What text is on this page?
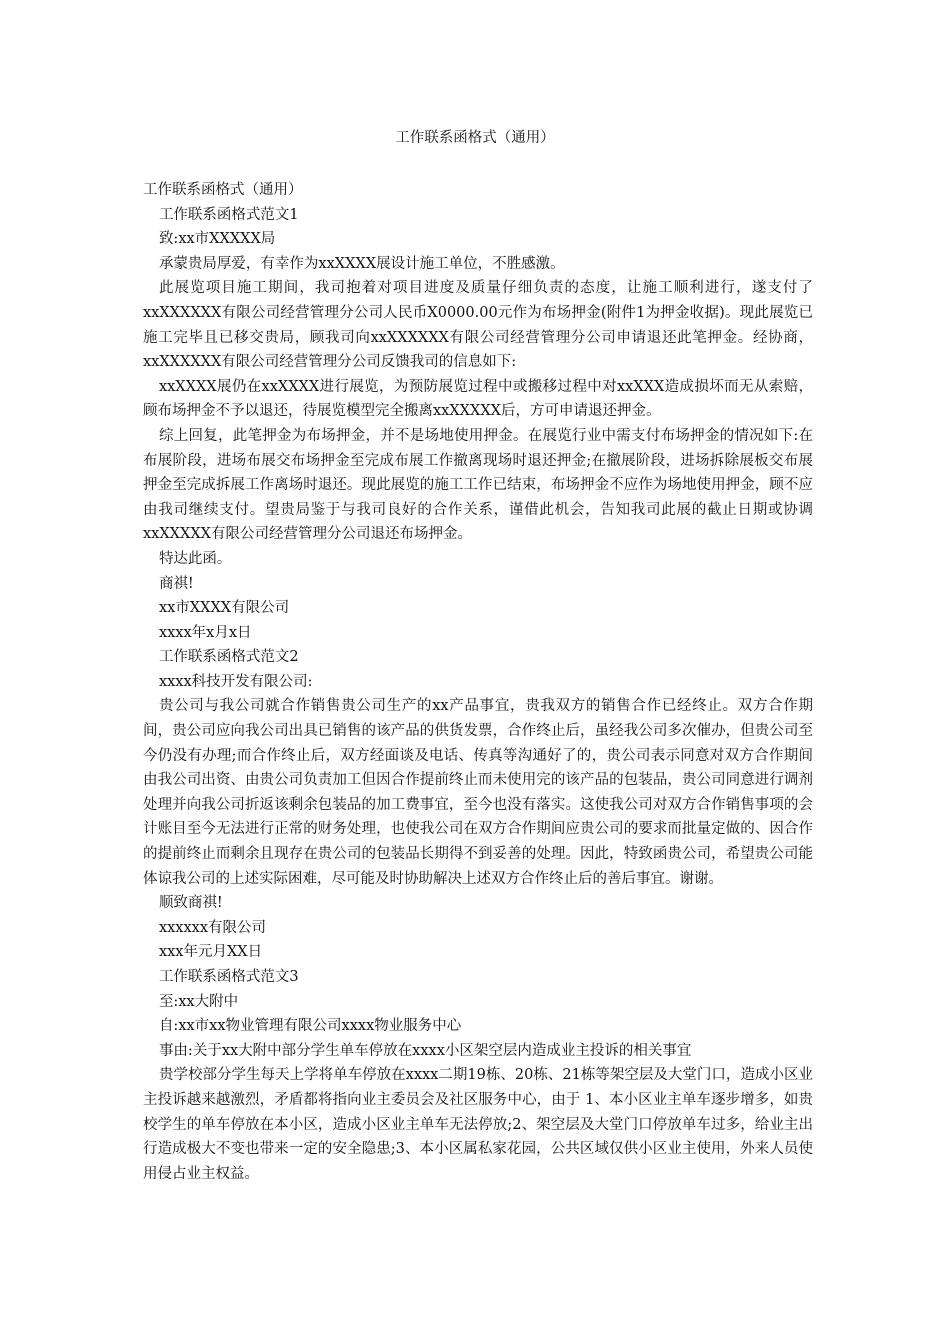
工作联系函格式（通用）

工作联系函格式（通用）

工作联系函格式范文1

致:xx市XXXXX局

承蒙贵局厚爱，有幸作为xxXXXX展设计施工单位，不胜感激。

此展览项目施工期间，我司抱着对项目进度及质量仔细负责的态度，让施工顺利进行，遂支付了xxXXXXXX有限公司经营管理分公司人民币X0000.00元作为布场押金(附件1为押金收据)。现此展览已施工完毕且已移交贵局，顾我司向xxXXXXXX有限公司经营管理分公司申请退还此笔押金。经协商，xxXXXXXX有限公司经营管理分公司反馈我司的信息如下:

xxXXXX展仍在xxXXXX进行展览，为预防展览过程中或搬移过程中对xxXXX造成损坏而无从索赔，顾布场押金不予以退还，待展览模型完全搬离xxXXXXX后，方可申请退还押金。

综上回复，此笔押金为布场押金，并不是场地使用押金。在展览行业中需支付布场押金的情况如下:在布展阶段，进场布展交布场押金至完成布展工作撤离现场时退还押金;在撤展阶段，进场拆除展板交布展押金至完成拆展工作离场时退还。现此展览的施工工作已结束，布场押金不应作为场地使用押金，顾不应由我司继续支付。望贵局鉴于与我司良好的合作关系，谨借此机会，告知我司此展的截止日期或协调xxXXXXX有限公司经营管理分公司退还布场押金。

特达此函。

商祺!

xx市XXXX有限公司

xxxx年x月x日

工作联系函格式范文2

xxxx科技开发有限公司:

贵公司与我公司就合作销售贵公司生产的xx产品事宜，贵我双方的销售合作已经终止。双方合作期间，贵公司应向我公司出具已销售的该产品的供货发票，合作终止后，虽经我公司多次催办，但贵公司至今仍没有办理;而合作终止后，双方经面谈及电话、传真等沟通好了的，贵公司表示同意对双方合作期间由我公司出资、由贵公司负责加工但因合作提前终止而未使用完的该产品的包装品，贵公司同意进行调剂处理并向我公司折返该剩余包装品的加工费事宜，至今也没有落实。这使我公司对双方合作销售事项的会计账目至今无法进行正常的财务处理，也使我公司在双方合作期间应贵公司的要求而批量定做的、因合作的提前终止而剩余且现存在贵公司的包装品长期得不到妥善的处理。因此，特致函贵公司，希望贵公司能体谅我公司的上述实际困难，尽可能及时协助解决上述双方合作终止后的善后事宜。谢谢。

顺致商祺!

xxxxxx有限公司

xxx年元月XX日

工作联系函格式范文3

至:xx大附中

自:xx市xx物业管理有限公司xxxx物业服务中心

事由:关于xx大附中部分学生单车停放在xxxx小区架空层内造成业主投诉的相关事宜

贵学校部分学生每天上学将单车停放在xxxx二期19栋、20栋、21栋等架空层及大堂门口，造成小区业主投诉越来越激烈，矛盾都将指向业主委员会及社区服务中心，由于 1、本小区业主单车逐步增多，如贵校学生的单车停放在本小区，造成小区业主单车无法停放;2、架空层及大堂门口停放单车过多，给业主出行造成极大不变也带来一定的安全隐患;3、本小区属私家花园，公共区域仅供小区业主使用，外来人员使用侵占业主权益。
